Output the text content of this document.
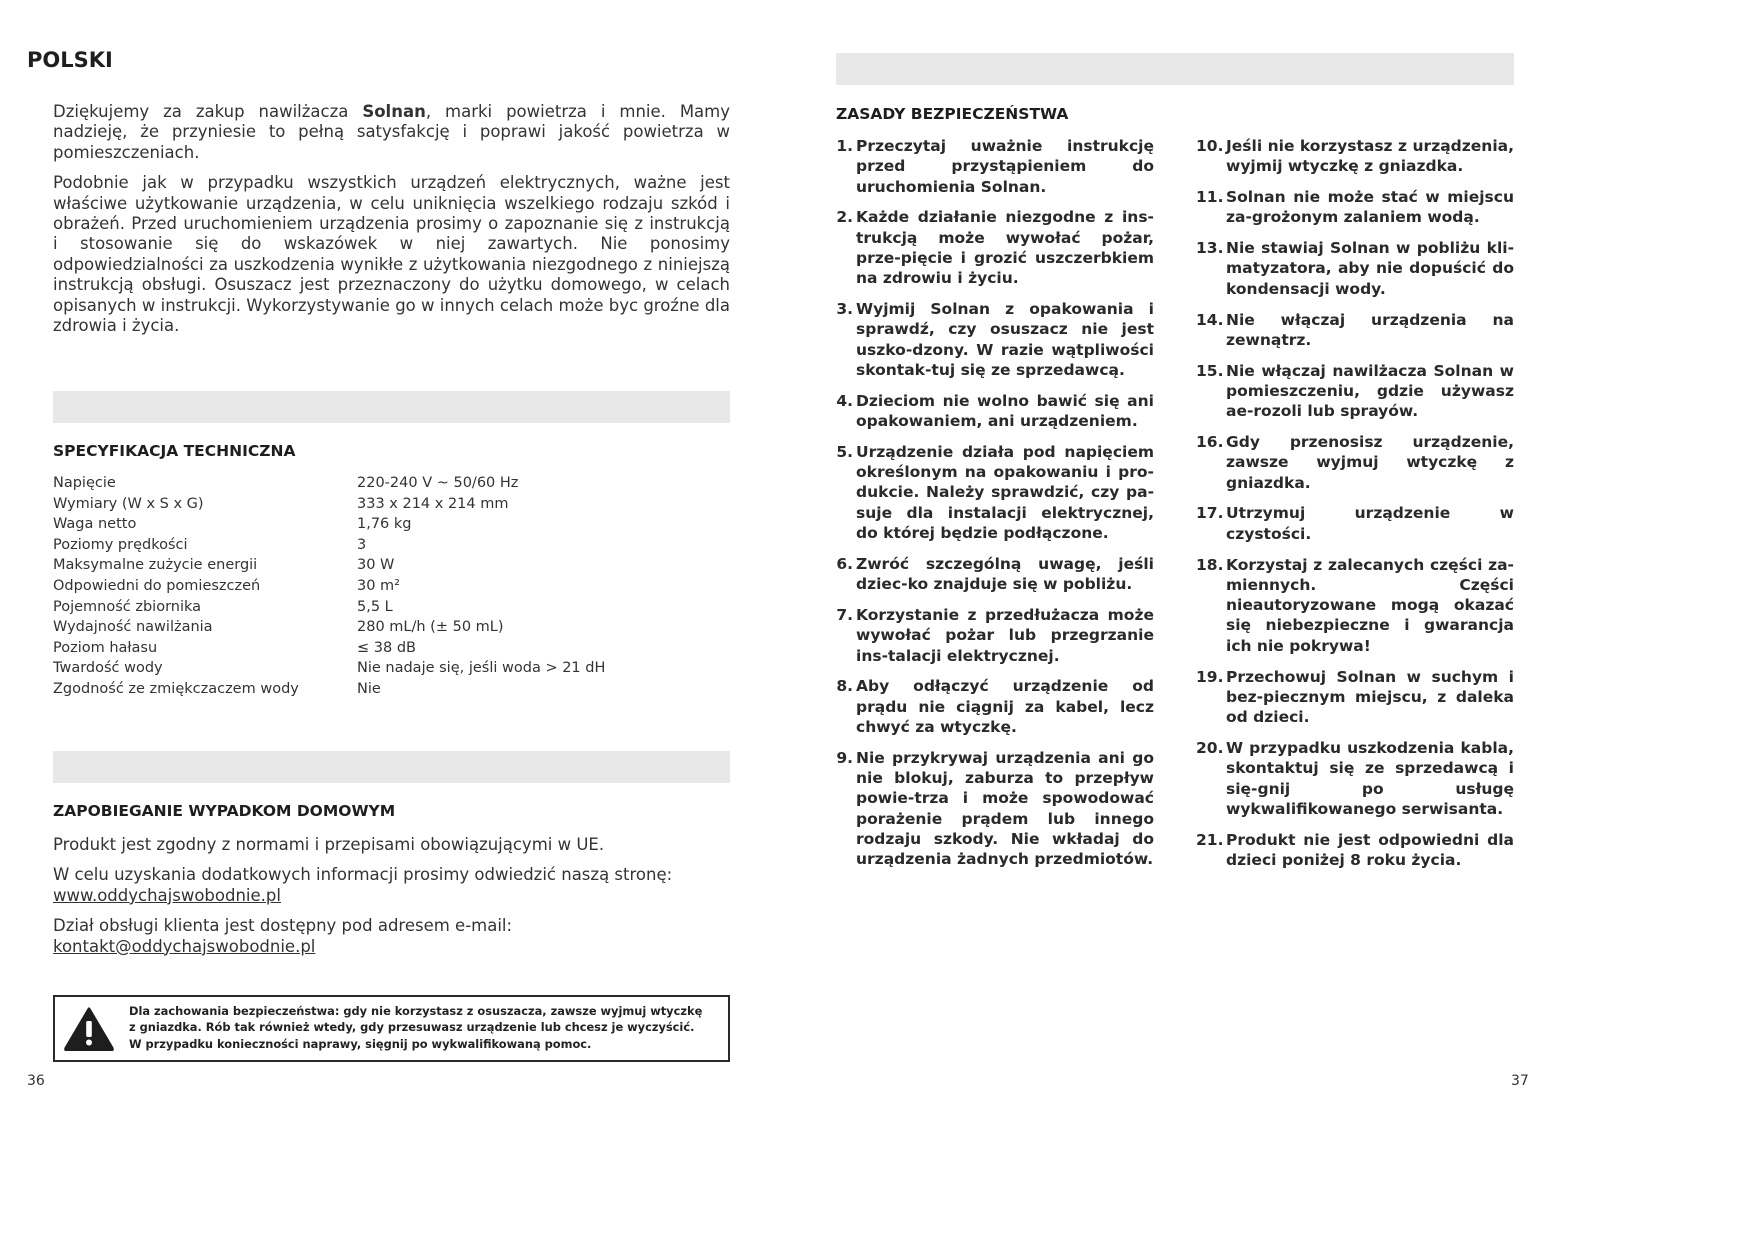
POLSKI

Dziękujemy za zakup nawilżacza Solnan, marki powietrza i mnie. Mamy nadzieję, że przyniesie to pełną satysfakcję i poprawi jakość powietrza w pomieszczeniach.

Podobnie jak w przypadku wszystkich urządzeń elektrycznych, ważne jest właściwe użytkowanie urządzenia, w celu uniknięcia wszelkiego rodzaju szkód i obrażeń. Przed uruchomieniem urządzenia prosimy o zapoznanie się z instrukcją i stosowanie się do wskazówek w niej zawartych. Nie ponosimy odpowiedzialności za uszkodzenia wynikłe z użytkowania niezgodnego z niniejszą instrukcją obsługi. Osuszacz jest przeznaczony do użytku domowego, w celach opisanych w instrukcji. Wykorzystywanie go w innych celach może byc groźne dla zdrowia i życia.

SPECYFIKACJA TECHNICZNA
Napięcie	220-240 V ~ 50/60 Hz
Wymiary (W x S x G)	333 x 214 x 214 mm
Waga netto	1,76 kg
Poziomy prędkości	3
Maksymalne zużycie energii	30 W
Odpowiedni do pomieszczeń	30 m²
Pojemność zbiornika	5,5 L
Wydajność nawilżania	280 mL/h (± 50 mL)
Poziom hałasu	≤ 38 dB
Twardość wody	Nie nadaje się, jeśli woda > 21 dH
Zgodność ze zmiękczaczem wody	Nie
ZAPOBIEGANIE WYPADKOM DOMOWYM

Produkt jest zgodny z normami i przepisami obowiązującymi w UE.

W celu uzyskania dodatkowych informacji prosimy odwiedzić naszą stronę:
www.oddychajswobodnie.pl

Dział obsługi klienta jest dostępny pod adresem e-mail:
kontakt@oddychajswobodnie.pl

Dla zachowania bezpieczeństwa: gdy nie korzystasz z osuszacza, zawsze wyjmuj wtyczkę
z gniazdka. Rób tak również wtedy, gdy przesuwasz urządzenie lub chcesz je wyczyścić.
W przypadku konieczności naprawy, sięgnij po wykwalifikowaną pomoc.
36
ZASADY BEZPIECZEŃSTWA
1. Przeczytaj uważnie instrukcję przed przystąpieniem do uruchomienia Solnan.
2. Każde działanie niezgodne z ins-trukcją może wywołać pożar, prze-pięcie i grozić uszczerbkiem na zdrowiu i życiu.
3. Wyjmij Solnan z opakowania i sprawdź, czy osuszacz nie jest uszko-dzony. W razie wątpliwości skontak-tuj się ze sprzedawcą.
4. Dzieciom nie wolno bawić się ani opakowaniem, ani urządzeniem.
5. Urządzenie działa pod napięciem określonym na opakowaniu i pro-dukcie. Należy sprawdzić, czy pa-suje dla instalacji elektrycznej, do której będzie podłączone.
6. Zwróć szczególną uwagę, jeśli dziec-ko znajduje się w pobliżu.
7. Korzystanie z przedłużacza może wywołać pożar lub przegrzanie ins-talacji elektrycznej.
8. Aby odłączyć urządzenie od prądu nie ciągnij za kabel, lecz chwyć za wtyczkę.
9. Nie przykrywaj urządzenia ani go nie blokuj, zaburza to przepływ powie-trza i może spowodować porażenie prądem lub innego rodzaju szkody. Nie wkładaj do urządzenia żadnych przedmiotów.
10. Jeśli nie korzystasz z urządzenia, wyjmij wtyczkę z gniazdka.
11. Solnan nie może stać w miejscu za-grożonym zalaniem wodą.
13. Nie stawiaj Solnan w pobliżu kli-matyzatora, aby nie dopuścić do kondensacji wody.
14. Nie włączaj urządzenia na zewnątrz.
15. Nie włączaj nawilżacza Solnan w pomieszczeniu, gdzie używasz ae-rozoli lub sprayów.
16. Gdy przenosisz urządzenie, zawsze wyjmuj wtyczkę z gniazdka.
17. Utrzymuj urządzenie w czystości.
18. Korzystaj z zalecanych części za-miennych. Części nieautoryzowane mogą okazać się niebezpieczne i gwarancja ich nie pokrywa!
19. Przechowuj Solnan w suchym i bez-piecznym miejscu, z daleka od dzieci.
20. W przypadku uszkodzenia kabla, skontaktuj się ze sprzedawcą i się-gnij po usługę wykwalifikowanego serwisanta.
21. Produkt nie jest odpowiedni dla dzieci poniżej 8 roku życia.
37
